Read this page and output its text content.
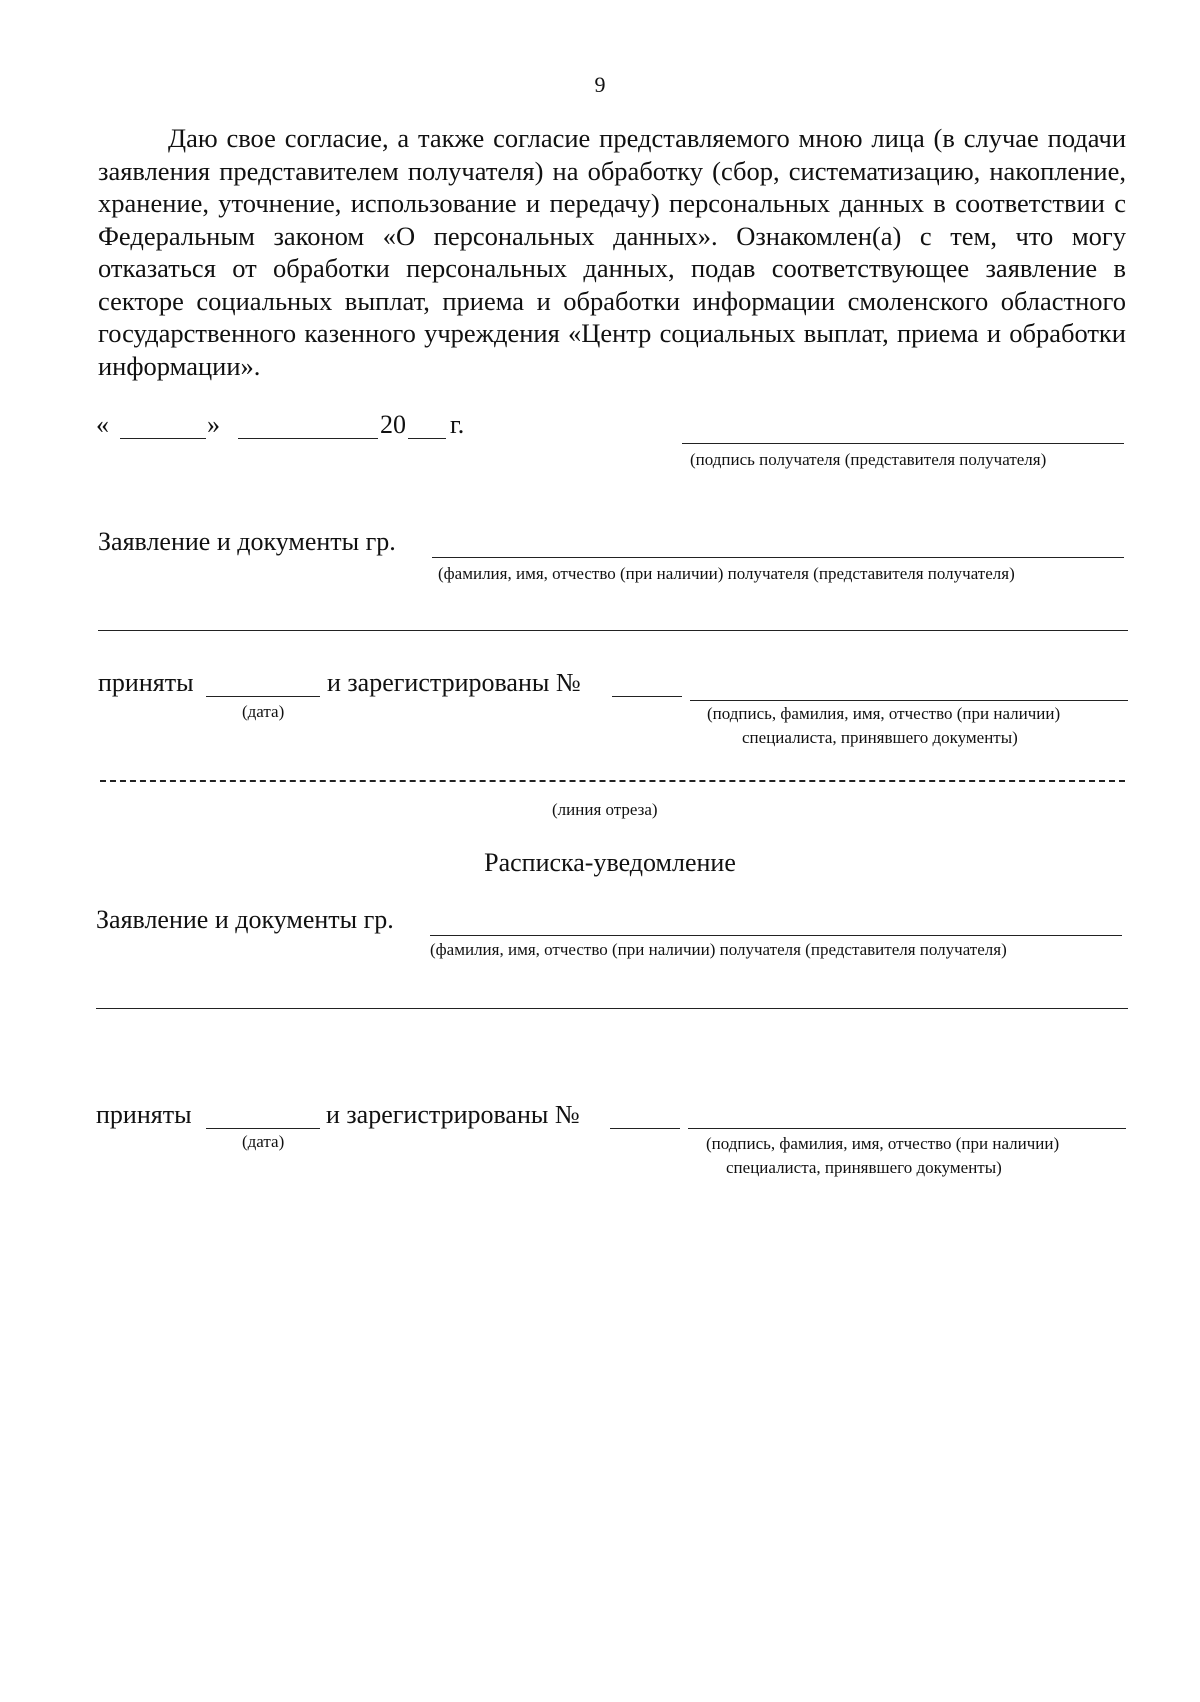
9

Даю свое согласие, а также согласие представляемого мною лица (в случае подачи заявления представителем получателя) на обработку (сбор, систематизацию, накопление, хранение, уточнение, использование и передачу) персональных данных в соответствии с Федеральным законом «О персональных данных». Ознакомлен(а) с тем, что могу отказаться от обработки персональных данных, подав соответствующее заявление в секторе социальных выплат, приема и обработки информации смоленского областного государственного казенного учреждения «Центр социальных выплат, приема и обработки информации».

«	»	20 г.
(подпись получателя (представителя получателя)
Заявление и документы гр.
(фамилия, имя, отчество (при наличии) получателя (представителя получателя)
приняты
(дата)
и зарегистрированы №
(подпись, фамилия, имя, отчество (при наличии)
специалиста, принявшего документы)
(линия отреза)
Расписка-уведомление
Заявление и документы гр.
(фамилия, имя, отчество (при наличии) получателя (представителя получателя)
приняты
(дата)
и зарегистрированы №
(подпись, фамилия, имя, отчество (при наличии)
специалиста, принявшего документы)
